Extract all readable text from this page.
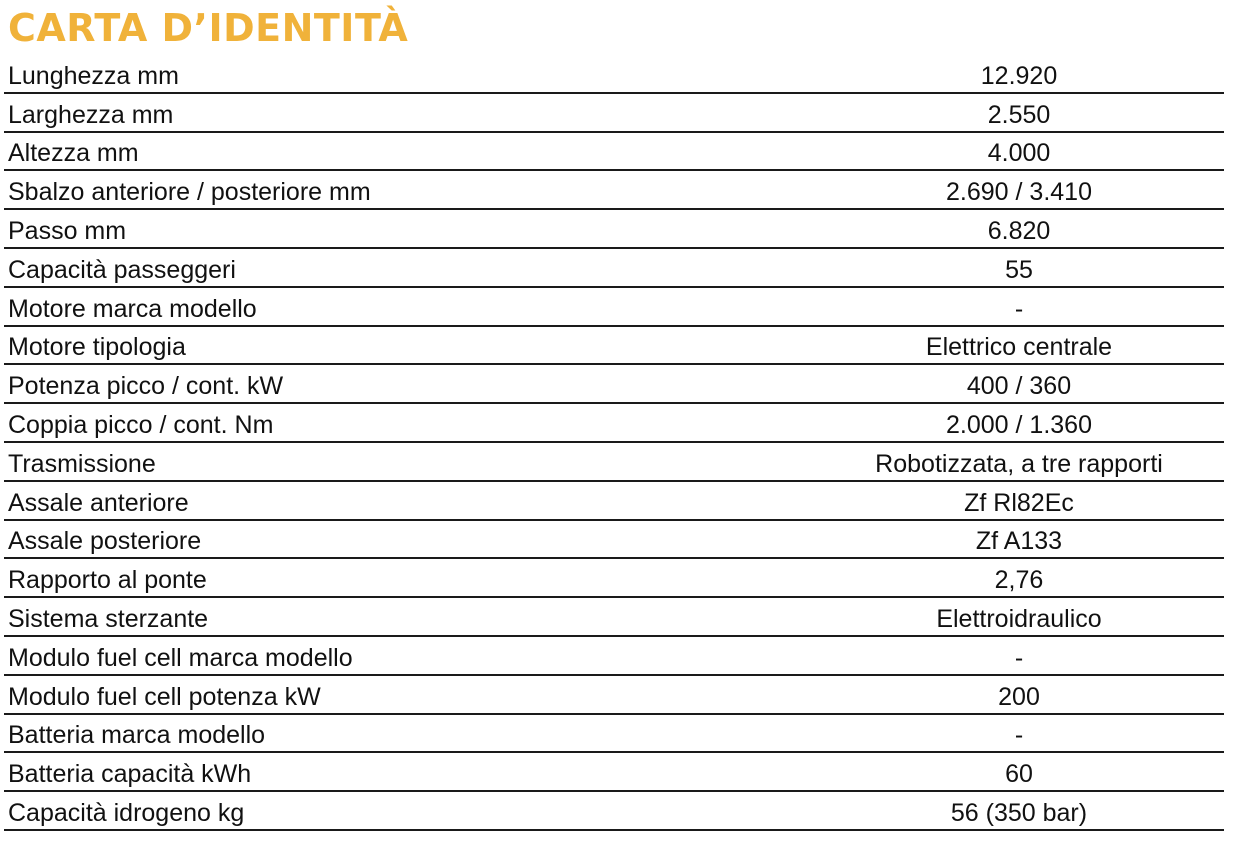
CARTA D’IDENTITÀ
Lunghezza mm	12.920
Larghezza mm	2.550
Altezza mm	4.000
Sbalzo anteriore / posteriore mm	2.690 / 3.410
Passo mm	6.820
Capacità passeggeri	55
Motore marca modello	-
Motore tipologia	Elettrico centrale
Potenza picco / cont. kW	400 / 360
Coppia picco / cont. Nm	2.000 / 1.360
Trasmissione	Robotizzata, a tre rapporti
Assale anteriore	Zf Rl82Ec
Assale posteriore	Zf A133
Rapporto al ponte	2,76
Sistema sterzante	Elettroidraulico
Modulo fuel cell marca modello	-
Modulo fuel cell potenza kW	200
Batteria marca modello	-
Batteria capacità kWh	60
Capacità idrogeno kg	56 (350 bar)
